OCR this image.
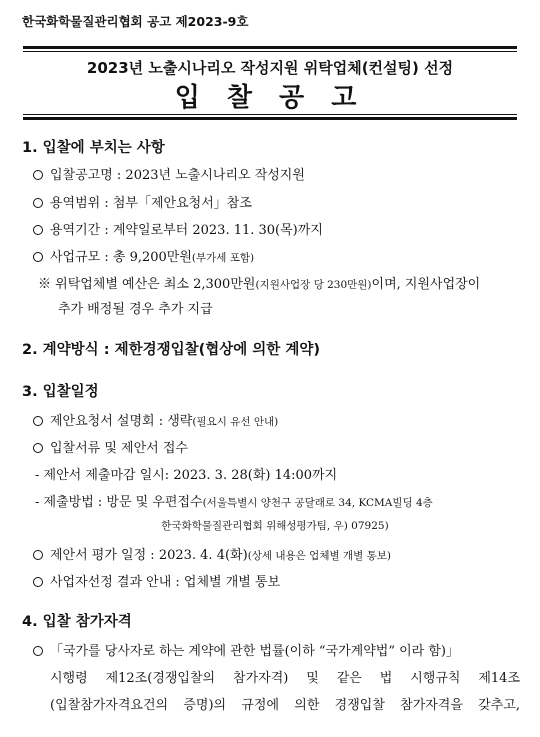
한국화학물질관리협회 공고 제2023-9호
2023년 노출시나리오 작성지원 위탁업체(컨설팅) 선정
입 찰 공 고
1. 입찰에 부치는 사항
입찰공고명 : 2023년 노출시나리오 작성지원
용역범위 : 첨부「제안요청서」참조
용역기간 : 계약일로부터 2023. 11. 30(목)까지
사업규모 : 총 9,200만원(부가세 포함)
※ 위탁업체별 예산은 최소 2,300만원(지원사업장 당 230만원)이며, 지원사업장이
추가 배정될 경우 추가 지급
2. 계약방식 : 제한경쟁입찰(협상에 의한 계약)
3. 입찰일정
제안요청서 설명회 : 생략(필요시 유선 안내)
입찰서류 및 제안서 접수
- 제안서 제출마감 일시: 2023. 3. 28(화) 14:00까지
- 제출방법 : 방문 및 우편접수(서울특별시 양천구 공달래로 34, KCMA빌딩 4층
한국화학물질관리협회 위해성평가팀, 우) 07925)
제안서 평가 일정 : 2023. 4. 4(화)(상세 내용은 업체별 개별 통보)
사업자선정 결과 안내 : 업체별 개별 통보
4. 입찰 참가자격
「국가를 당사자로 하는 계약에 관한 법률(이하 “국가계약법” 이라 함)」
시행령 제12조(경쟁입찰의 참가자격) 및 같은 법 시행규칙 제14조
(입찰참가자격요건의 증명)의 규정에 의한 경쟁입찰 참가자격을 갖추고,
